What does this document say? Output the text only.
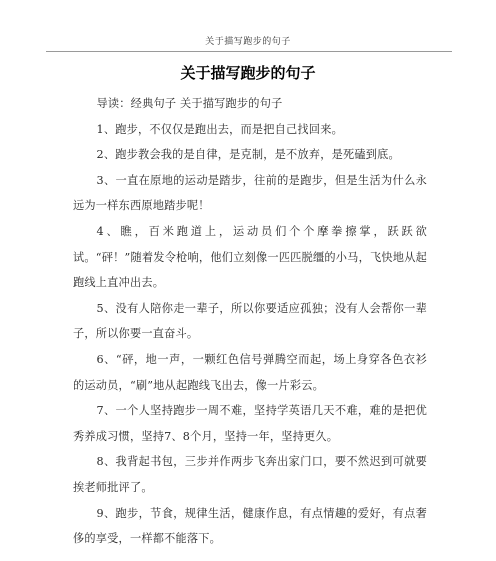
关于描写跑步的句子
关于描写跑步的句子

导读：经典句子 关于描写跑步的句子

1、跑步，不仅仅是跑出去，而是把自己找回来。

2、跑步教会我的是自律，是克制，是不放弃，是死磕到底。

3、一直在原地的运动是踏步，往前的是跑步，但是生活为什么永远为一样东西原地踏步呢！

4、瞧，百米跑道上，运动员们个个摩拳擦掌，跃跃欲试。“砰！”随着发令枪响，他们立刻像一匹匹脱缰的小马，飞快地从起跑线上直冲出去。

5、没有人陪你走一辈子，所以你要适应孤独；没有人会帮你一辈子，所以你要一直奋斗。

6、“砰，地一声，一颗红色信号弹腾空而起，场上身穿各色衣衫的运动员，“刷”地从起跑线飞出去，像一片彩云。

7、一个人坚持跑步一周不难，坚持学英语几天不难，难的是把优秀养成习惯，坚持7、8个月，坚持一年，坚持更久。

8、我背起书包，三步并作两步飞奔出家门口，要不然迟到可就要挨老师批评了。

9、跑步，节食，规律生活，健康作息，有点情趣的爱好，有点奢侈的享受，一样都不能落下。
